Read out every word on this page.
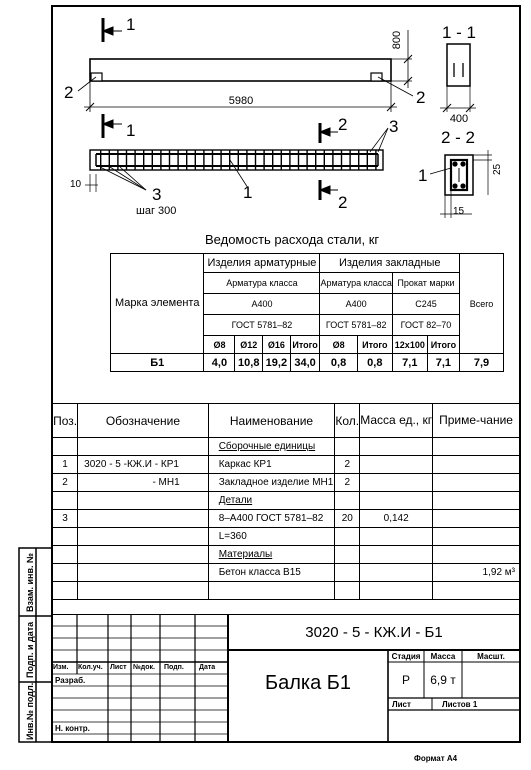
5980
800
400
10
шаг 300	15
25
1
1	2
2
1 - 1
2 - 2
2	2
1
3
3
1
Взам. инв. №
Подп. и дата
Инв.№ подл.
Ведомость расхода стали, кг
Марка элемента	Изделия арматурные				Изделия закладные				Всего
	Арматура класса				Арматура класса		Прокат марки		
	А400				А400		С245		
	ГОСТ 5781–82				ГОСТ 5781–82		ГОСТ 82–70		
	Ø8	Ø12	Ø16	Итого	Ø8	Итого	12x100	Итого	
Б1	4,0	10,8	19,2	34,0	0,8	0,8	7,1	7,1	7,9
Поз.	Обозначение	Наименование	Кол.	Масса ед., кг	Приме-чание
		Сборочные единицы			
1	3020 - 5 -КЖ.И - КР1	Каркас КР1	2		
2	- МН1	Закладное изделие МН1	2		
		Детали			
3		8–А400 ГОСТ 5781–82	20	0,142	
		L=360			
		Материалы			
		Бетон класса В15			1,92 м³

3020 - 5 - КЖ.И - Б1
Изм. Кол.уч. Лист №док. Подп. Дата
Разраб.
Н. контр.
Балка Б1
Стадия	Масса	Масшт.
Р	6,9 т
Лист	Листов 1
Формат А4
